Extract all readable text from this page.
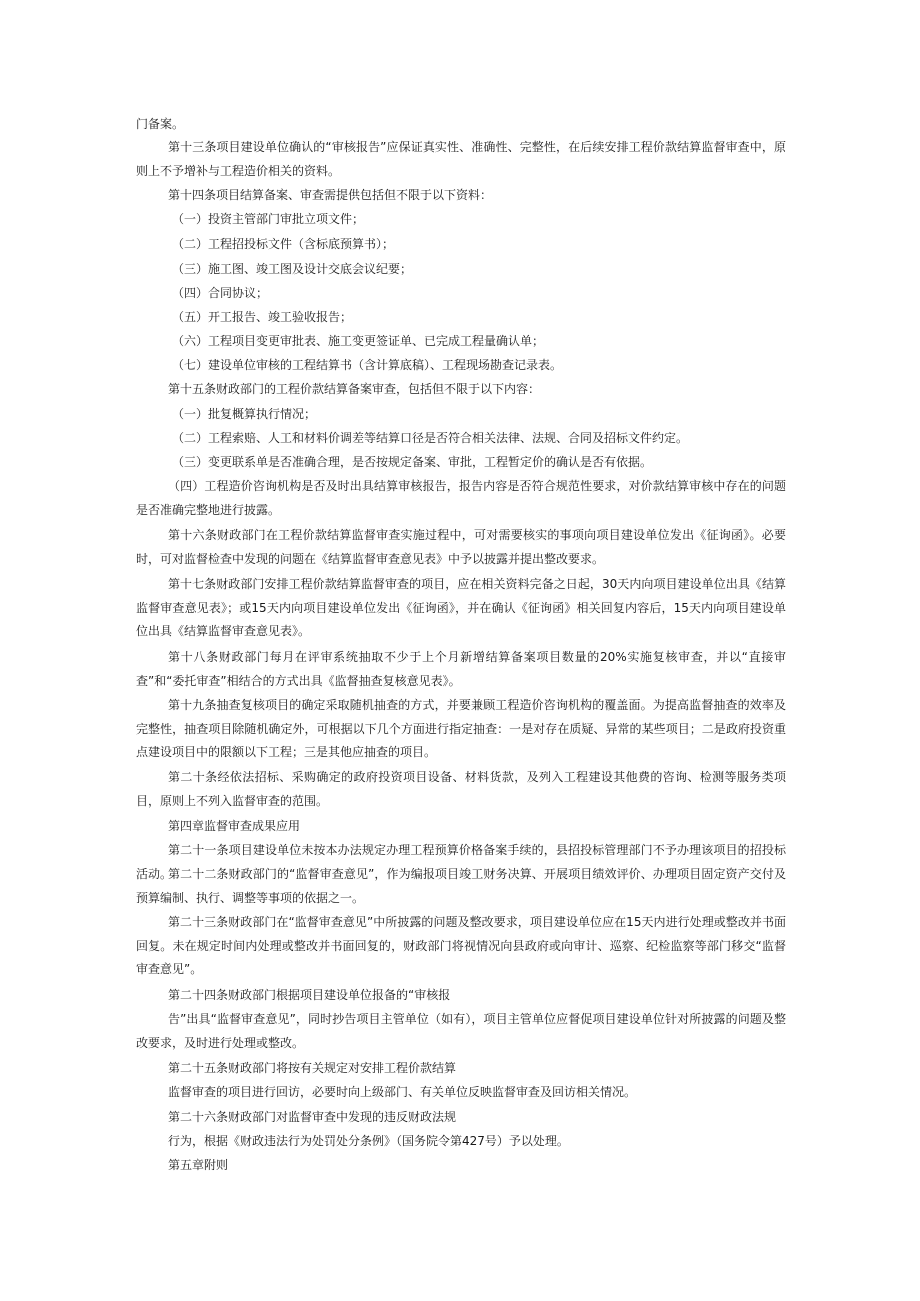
门备案。

第十三条项目建设单位确认的“审核报告”应保证真实性、准确性、完整性，在后续安排工程价款结算监督审查中，原则上不予增补与工程造价相关的资料。

第十四条项目结算备案、审查需提供包括但不限于以下资料：

（一）投资主管部门审批立项文件；

（二）工程招投标文件（含标底预算书）；

（三）施工图、竣工图及设计交底会议纪要；

（四）合同协议；

（五）开工报告、竣工验收报告；

（六）工程项目变更审批表、施工变更签证单、已完成工程量确认单；

（七）建设单位审核的工程结算书（含计算底稿）、工程现场勘查记录表。

第十五条财政部门的工程价款结算备案审查，包括但不限于以下内容：

（一）批复概算执行情况；

（二）工程索赔、人工和材料价调差等结算口径是否符合相关法律、法规、合同及招标文件约定。

（三）变更联系单是否准确合理，是否按规定备案、审批，工程暂定价的确认是否有依据。

（四）工程造价咨询机构是否及时出具结算审核报告，报告内容是否符合规范性要求，对价款结算审核中存在的问题是否准确完整地进行披露。

第十六条财政部门在工程价款结算监督审查实施过程中，可对需要核实的事项向项目建设单位发出《征询函》。必要时，可对监督检查中发现的问题在《结算监督审查意见表》中予以披露并提出整改要求。

第十七条财政部门安排工程价款结算监督审查的项目，应在相关资料完备之日起，30天内向项目建设单位出具《结算监督审查意见表》；或15天内向项目建设单位发出《征询函》，并在确认《征询函》相关回复内容后，15天内向项目建设单位出具《结算监督审查意见表》。

第十八条财政部门每月在评审系统抽取不少于上个月新增结算备案项目数量的20%实施复核审查，并以“直接审查”和“委托审查”相结合的方式出具《监督抽查复核意见表》。

第十九条抽查复核项目的确定采取随机抽查的方式，并要兼顾工程造价咨询机构的覆盖面。为提高监督抽查的效率及完整性，抽查项目除随机确定外，可根据以下几个方面进行指定抽查：一是对存在质疑、异常的某些项目；二是政府投资重点建设项目中的限额以下工程；三是其他应抽查的项目。

第二十条经依法招标、采购确定的政府投资项目设备、材料货款，及列入工程建设其他费的咨询、检测等服务类项目，原则上不列入监督审查的范围。

第四章监督审查成果应用

第二十一条项目建设单位未按本办法规定办理工程预算价格备案手续的，县招投标管理部门不予办理该项目的招投标活动。

第二十二条财政部门的“监督审查意见”，作为编报项目竣工财务决算、开展项目绩效评价、办理项目固定资产交付及预算编制、执行、调整等事项的依据之一。

第二十三条财政部门在“监督审查意见”中所披露的问题及整改要求，项目建设单位应在15天内进行处理或整改并书面回复。未在规定时间内处理或整改并书面回复的，财政部门将视情况向县政府或向审计、巡察、纪检监察等部门移交“监督审查意见”。

第二十四条财政部门根据项目建设单位报备的“审核报

告”出具“监督审查意见”，同时抄告项目主管单位（如有），项目主管单位应督促项目建设单位针对所披露的问题及整改要求，及时进行处理或整改。

第二十五条财政部门将按有关规定对安排工程价款结算

监督审查的项目进行回访，必要时向上级部门、有关单位反映监督审查及回访相关情况。

第二十六条财政部门对监督审查中发现的违反财政法规

行为，根据《财政违法行为处罚处分条例》（国务院令第427号）予以处理。

第五章附则
